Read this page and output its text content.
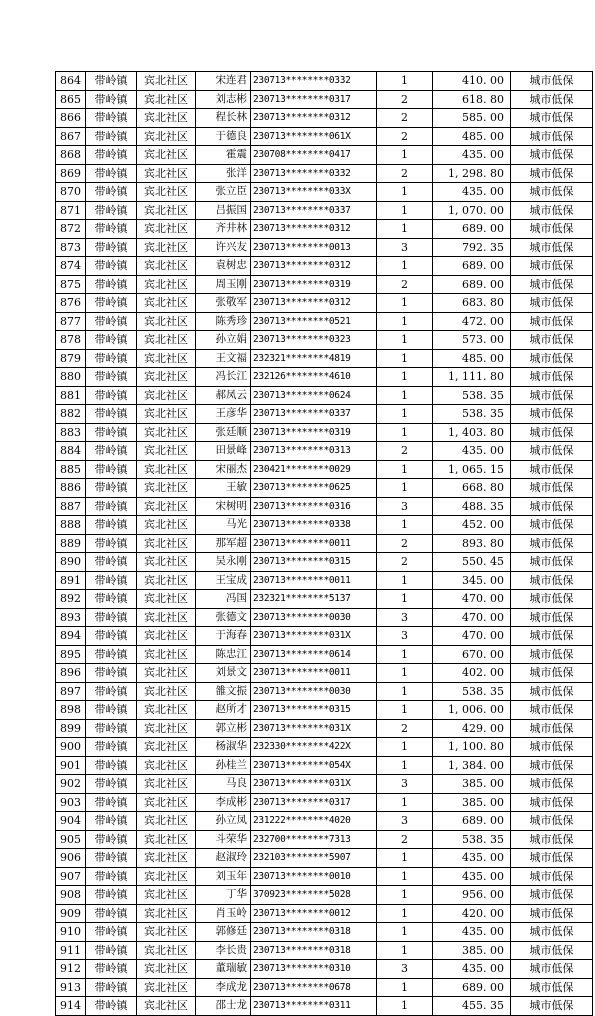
864	带岭镇	宾北社区	宋连君	230713********0332	1	410. 00	城市低保
865	带岭镇	宾北社区	刘志彬	230713********0317	2	618. 80	城市低保
866	带岭镇	宾北社区	程长林	230713********0312	2	585. 00	城市低保
867	带岭镇	宾北社区	于德良	230713********061X	2	485. 00	城市低保
868	带岭镇	宾北社区	霍震	230708********0417	1	435. 00	城市低保
869	带岭镇	宾北社区	张洋	230713********0332	2	1, 298. 80	城市低保
870	带岭镇	宾北社区	张立臣	230713********033X	1	435. 00	城市低保
871	带岭镇	宾北社区	吕振国	230713********0337	1	1, 070. 00	城市低保
872	带岭镇	宾北社区	齐井林	230713********0312	1	689. 00	城市低保
873	带岭镇	宾北社区	许兴友	230713********0013	3	792. 35	城市低保
874	带岭镇	宾北社区	袁树忠	230713********0312	1	689. 00	城市低保
875	带岭镇	宾北社区	周玉刚	230713********0319	2	689. 00	城市低保
876	带岭镇	宾北社区	张敬军	230713********0312	1	683. 80	城市低保
877	带岭镇	宾北社区	陈秀珍	230713********0521	1	472. 00	城市低保
878	带岭镇	宾北社区	孙立娟	230713********0323	1	573. 00	城市低保
879	带岭镇	宾北社区	王文福	232321********4819	1	485. 00	城市低保
880	带岭镇	宾北社区	冯长江	232126********4610	1	1, 111. 80	城市低保
881	带岭镇	宾北社区	郝凤云	230713********0624	1	538. 35	城市低保
882	带岭镇	宾北社区	王彦华	230713********0337	1	538. 35	城市低保
883	带岭镇	宾北社区	张廷顺	230713********0319	1	1, 403. 80	城市低保
884	带岭镇	宾北社区	田景峰	230713********0313	2	435. 00	城市低保
885	带岭镇	宾北社区	宋丽杰	230421********0029	1	1, 065. 15	城市低保
886	带岭镇	宾北社区	王敏	230713********0625	1	668. 80	城市低保
887	带岭镇	宾北社区	宋树明	230713********0316	3	488. 35	城市低保
888	带岭镇	宾北社区	马光	230713********0338	1	452. 00	城市低保
889	带岭镇	宾北社区	那军超	230713********0011	2	893. 80	城市低保
890	带岭镇	宾北社区	吴永刚	230713********0315	2	550. 45	城市低保
891	带岭镇	宾北社区	王宝成	230713********0011	1	345. 00	城市低保
892	带岭镇	宾北社区	冯国	232321********5137	1	470. 00	城市低保
893	带岭镇	宾北社区	张德文	230713********0030	3	470. 00	城市低保
894	带岭镇	宾北社区	于海春	230713********031X	3	470. 00	城市低保
895	带岭镇	宾北社区	陈忠江	230713********0614	1	670. 00	城市低保
896	带岭镇	宾北社区	刘景文	230713********0011	1	402. 00	城市低保
897	带岭镇	宾北社区	雒文振	230713********0030	1	538. 35	城市低保
898	带岭镇	宾北社区	赵所才	230713********0315	1	1, 006. 00	城市低保
899	带岭镇	宾北社区	郭立彬	230713********031X	2	429. 00	城市低保
900	带岭镇	宾北社区	杨淑华	232330********422X	1	1, 100. 80	城市低保
901	带岭镇	宾北社区	孙桂兰	230713********054X	1	1, 384. 00	城市低保
902	带岭镇	宾北社区	马良	230713********031X	3	385. 00	城市低保
903	带岭镇	宾北社区	李成彬	230713********0317	1	385. 00	城市低保
904	带岭镇	宾北社区	孙立凤	231222********4020	3	689. 00	城市低保
905	带岭镇	宾北社区	斗荣华	232700********7313	2	538. 35	城市低保
906	带岭镇	宾北社区	赵淑玲	232103********5907	1	435. 00	城市低保
907	带岭镇	宾北社区	刘玉年	230713********0010	1	435. 00	城市低保
908	带岭镇	宾北社区	丁华	370923********5028	1	956. 00	城市低保
909	带岭镇	宾北社区	肖玉岭	230713********0012	1	420. 00	城市低保
910	带岭镇	宾北社区	郭修廷	230713********0318	1	435. 00	城市低保
911	带岭镇	宾北社区	李长贵	230713********0318	1	385. 00	城市低保
912	带岭镇	宾北社区	董瑞敏	230713********0310	3	435. 00	城市低保
913	带岭镇	宾北社区	李成龙	230713********0678	1	689. 00	城市低保
914	带岭镇	宾北社区	邵士龙	230713********0311	1	455. 35	城市低保
